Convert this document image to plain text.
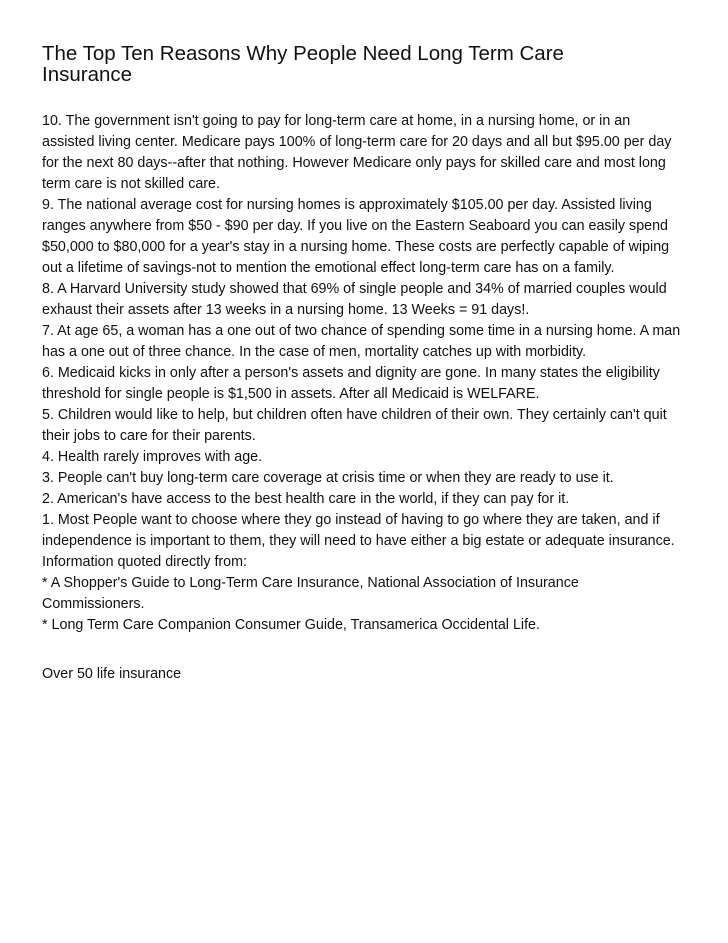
The Top Ten Reasons Why People Need Long Term Care
Insurance
10. The government isn't going to pay for long-term care at home, in a nursing home, or in an
assisted living center. Medicare pays 100% of long-term care for 20 days and all but $95.00 per day
for the next 80 days--after that nothing. However Medicare only pays for skilled care and most long
term care is not skilled care.
9. The national average cost for nursing homes is approximately $105.00 per day. Assisted living
ranges anywhere from $50 - $90 per day. If you live on the Eastern Seaboard you can easily spend
$50,000 to $80,000 for a year's stay in a nursing home. These costs are perfectly capable of wiping
out a lifetime of savings-not to mention the emotional effect long-term care has on a family.
8. A Harvard University study showed that 69% of single people and 34% of married couples would
exhaust their assets after 13 weeks in a nursing home. 13 Weeks = 91 days!.
7. At age 65, a woman has a one out of two chance of spending some time in a nursing home. A man
has a one out of three chance. In the case of men, mortality catches up with morbidity.
6. Medicaid kicks in only after a person's assets and dignity are gone. In many states the eligibility
threshold for single people is $1,500 in assets. After all Medicaid is WELFARE.
5. Children would like to help, but children often have children of their own. They certainly can't quit
their jobs to care for their parents.
4. Health rarely improves with age.
3. People can't buy long-term care coverage at crisis time or when they are ready to use it.
2. American's have access to the best health care in the world, if they can pay for it.
1. Most People want to choose where they go instead of having to go where they are taken, and if
independence is important to them, they will need to have either a big estate or adequate insurance.
Information quoted directly from:
* A Shopper's Guide to Long-Term Care Insurance, National Association of Insurance
Commissioners.
* Long Term Care Companion Consumer Guide, Transamerica Occidental Life.
Over 50 life insurance
